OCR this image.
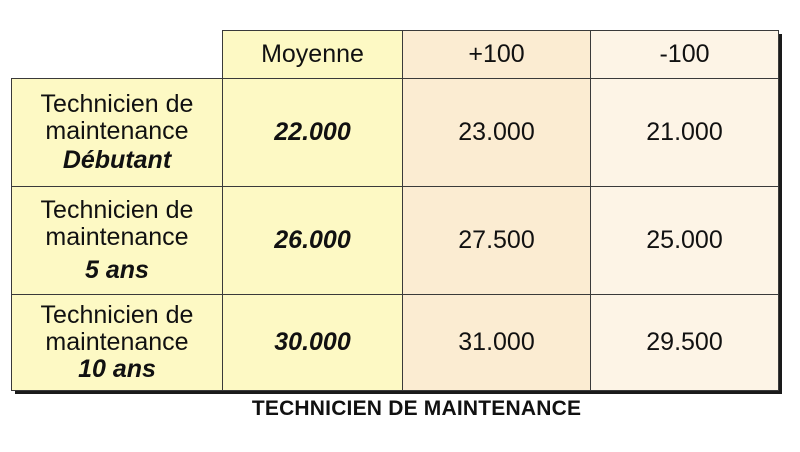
	Moyenne	+100	-100
Technicien de
maintenance
Débutant	22.000	23.000	21.000
Technicien de
maintenance
5 ans	26.000	27.500	25.000
Technicien de
maintenance
10 ans	30.000	31.000	29.500
TECHNICIEN DE MAINTENANCE
